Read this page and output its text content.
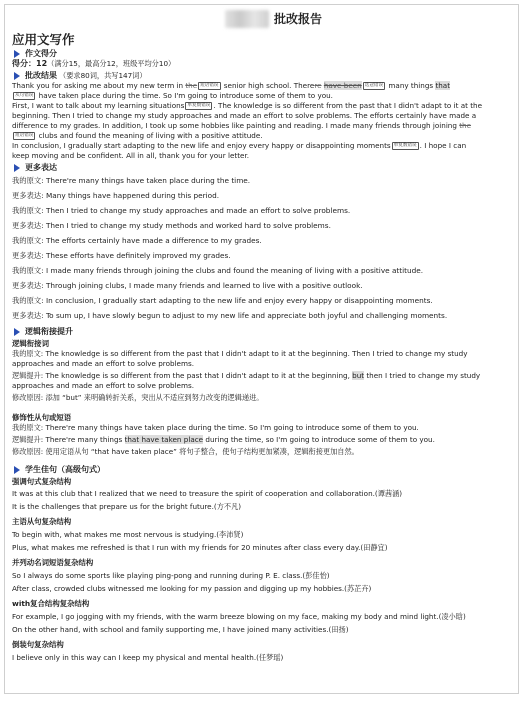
批改报告
应用文写作
作文得分
得分：12（满分15，最高分12，班级平均分10）
批改结果 （要求80词，共写147词）
Thank you for asking me about my new term in the 短语错误 senior high school. Therere have been 选冠错误 many things that
从句错误 have taken place during the time. So I'm going to introduce some of them to you.
First, I want to talk about my learning situations 单复数错误 . The knowledge is so different from the past that I didn't adapt to it at the
beginning. Then I tried to change my study approaches and made an effort to solve problems. The efforts certainly have made a
difference to my grades. In addition, I took up some hobbies like painting and reading. I made many friends through joining the
短语错误 clubs and found the meaning of living with a positive attitude.
In conclusion, I gradually start adapting to the new life and enjoy every happy or disappointing moments 单复数错误 . I hope I can
keep moving and be confident. All in all, thank you for your letter.
更多表达
我的原文: There're many things have taken place during the time.
更多表达: Many things have happened during this period.
我的原文: Then I tried to change my study approaches and made an effort to solve problems.
更多表达: Then I tried to change my study methods and worked hard to solve problems.
我的原文: The efforts certainly have made a difference to my grades.
更多表达: These efforts have definitely improved my grades.
我的原文: I made many friends through joining the clubs and found the meaning of living with a positive attitude.
更多表达: Through joining clubs, I made many friends and learned to live with a positive outlook.
我的原文: In conclusion, I gradually start adapting to the new life and enjoy every happy or disappointing moments.
更多表达: To sum up, I have slowly begun to adjust to my new life and appreciate both joyful and challenging moments.
逻辑衔接提升
逻辑衔接词
我的原文: The knowledge is so different from the past that I didn't adapt to it at the beginning. Then I tried to change my study
approaches and made an effort to solve problems.
逻辑提升: The knowledge is so different from the past that I didn't adapt to it at the beginning, but then I tried to change my study
approaches and made an effort to solve problems.
修改原因: 添加 “but” 来明确转折关系，突出从不适应到努力改变的逻辑递进。
修饰性从句或短语
我的原文: There're many things have taken place during the time. So I'm going to introduce some of them to you.
逻辑提升: There're many things that have taken place during the time, so I'm going to introduce some of them to you.
修改原因: 使用定语从句 “that have taken place” 将句子整合，使句子结构更加紧凑，逻辑衔接更加自然。
学生佳句（高级句式）
强调句式复杂结构
It was at this club that I realized that we need to treasure the spirit of cooperation and collaboration.(谭茜涵)
It is the challenges that prepare us for the bright future.(方不凡)
主语从句复杂结构
To begin with, what makes me most nervous is studying.(李沛贤)
Plus, what makes me refreshed is that I run with my friends for 20 minutes after class every day.(田静宜)
并列动名词短语复杂结构
So I always do some sports like playing ping-pong and running during P. E. class.(彭佳怡)
After class, crowded clubs witnessed me looking for my passion and digging up my hobbies.(苏芷卉)
with复合结构复杂结构
For example, I go jogging with my friends, with the warm breeze blowing on my face, making my body and mind light.(凌小晗)
On the other hand, with school and family supporting me, I have joined many activities.(田扬)
倒装句复杂结构
I believe only in this way can I keep my physical and mental health.(任梦瑶)
